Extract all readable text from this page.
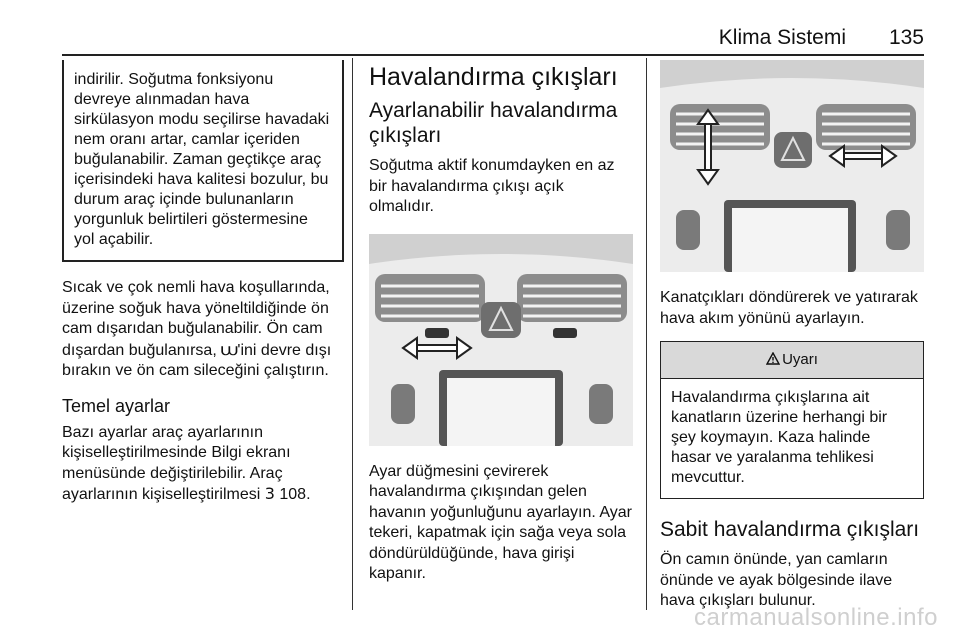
Klima Sistemi 135
indirilir. Soğutma fonksiyonu devreye alınmadan hava sirkülasyon modu seçilirse havadaki nem oranı artar, camlar içeriden buğulanabilir. Zaman geçtikçe araç içerisindeki hava kalitesi bozulur, bu durum araç içinde bulunanların yorgunluk belirtileri göstermesine yol açabilir.

Sıcak ve çok nemli hava koşullarında, üzerine soğuk hava yöneltildiğinde ön cam dışarıdan buğulanabilir. Ön cam dışardan buğulanırsa, ⩊'ini devre dışı bırakın ve ön cam sileceğini çalıştırın.

Temel ayarlar

Bazı ayarlar araç ayarlarının kişiselleştirilmesinde Bilgi ekranı menüsünde değiştirilebilir. Araç ayarlarının kişiselleştirilmesi 3 108.

Havalandırma çıkışları
Ayarlanabilir havalandırma çıkışları

Soğutma aktif konumdayken en az bir havalandırma çıkışı açık olmalıdır.

Ayar düğmesini çevirerek havalandırma çıkışından gelen havanın yoğunluğunu ayarlayın. Ayar tekeri, kapatmak için sağa veya sola döndürüldüğünde, hava girişi kapanır.

Kanatçıkları döndürerek ve yatırarak hava akım yönünü ayarlayın.

Uyarı
Havalandırma çıkışlarına ait kanatların üzerine herhangi bir şey koymayın. Kaza halinde hasar ve yaralanma tehlikesi mevcuttur.
Sabit havalandırma çıkışları

Ön camın önünde, yan camların önünde ve ayak bölgesinde ilave hava çıkışları bulunur.

carmanualsonline.info
